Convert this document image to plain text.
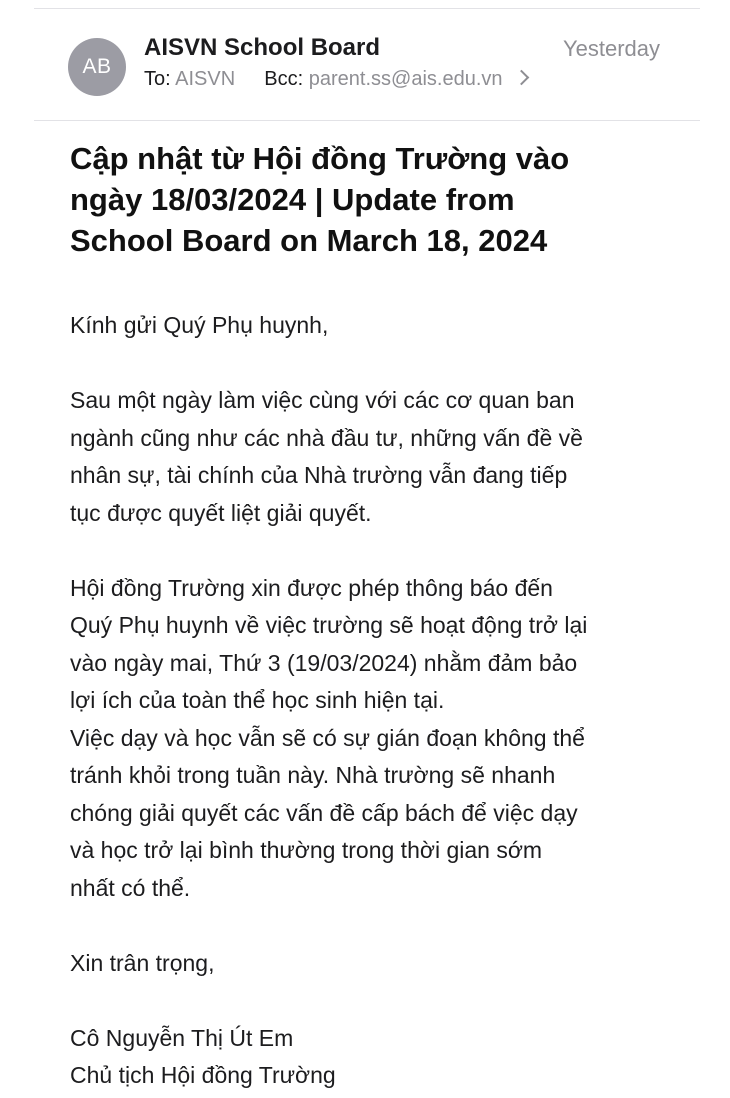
AB
AISVN School Board	Yesterday
To: AISVN Bcc: parent.ss@ais.edu.vn
Cập nhật từ Hội đồng Trường vào
ngày 18/03/2024 | Update from
School Board on March 18, 2024

Kính gửi Quý Phụ huynh,

Sau một ngày làm việc cùng với các cơ quan ban

ngành cũng như các nhà đầu tư, những vấn đề về

nhân sự, tài chính của Nhà trường vẫn đang tiếp

tục được quyết liệt giải quyết.

Hội đồng Trường xin được phép thông báo đến

Quý Phụ huynh về việc trường sẽ hoạt động trở lại

vào ngày mai, Thứ 3 (19/03/2024) nhằm đảm bảo

lợi ích của toàn thể học sinh hiện tại.

Việc dạy và học vẫn sẽ có sự gián đoạn không thể

tránh khỏi trong tuần này. Nhà trường sẽ nhanh

chóng giải quyết các vấn đề cấp bách để việc dạy

và học trở lại bình thường trong thời gian sớm

nhất có thể.

Xin trân trọng,

Cô Nguyễn Thị Út Em

Chủ tịch Hội đồng Trường
